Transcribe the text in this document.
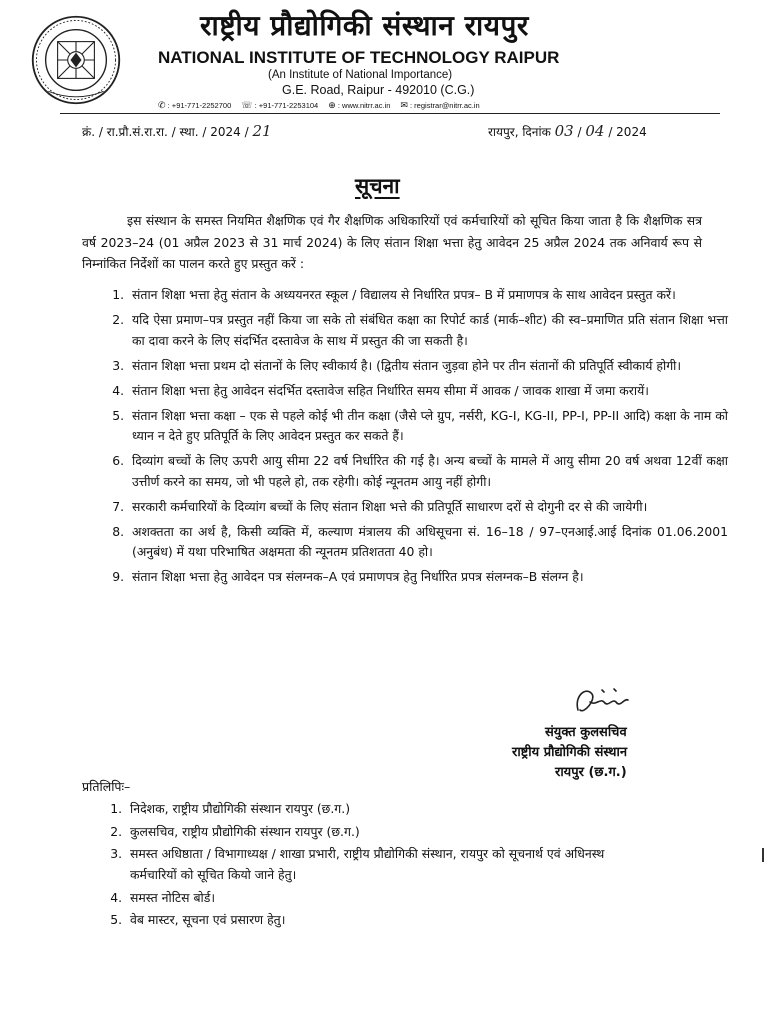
राष्ट्रीय प्रौद्योगिकी संस्थान रायपुर
NATIONAL INSTITUTE OF TECHNOLOGY RAIPUR
(An Institute of National Importance)
G.E. Road, Raipur - 492010 (C.G.)
✆ : +91-771-2252700 ☏ : +91-771-2253104 ⊕ : www.nitrr.ac.in ✉ : registrar@nitrr.ac.in
क्रं. / रा.प्रौ.सं.रा.रा. / स्था. / 2024 / 21	रायपुर, दिनांक 03 / 04 / 2024
सूचना
इस संस्थान के समस्त नियमित शैक्षणिक एवं गैर शैक्षणिक अधिकारियों एवं कर्मचारियों को सूचित किया जाता है कि शैक्षणिक सत्र वर्ष 2023–24 (01 अप्रैल 2023 से 31 मार्च 2024) के लिए संतान शिक्षा भत्ता हेतु आवेदन 25 अप्रैल 2024 तक अनिवार्य रूप से निम्नांकित निर्देशों का पालन करते हुए प्रस्तुत करें :
1. संतान शिक्षा भत्ता हेतु संतान के अध्ययनरत स्कूल / विद्यालय से निर्धारित प्रपत्र– B में प्रमाणपत्र के साथ आवेदन प्रस्तुत करें।
2. यदि ऐसा प्रमाण–पत्र प्रस्तुत नहीं किया जा सके तो संबंधित कक्षा का रिपोर्ट कार्ड (मार्क–शीट) की स्व–प्रमाणित प्रति संतान शिक्षा भत्ता का दावा करने के लिए संदर्भित दस्तावेज के साथ में प्रस्तुत की जा सकती है।
3. संतान शिक्षा भत्ता प्रथम दो संतानों के लिए स्वीकार्य है। (द्वितीय संतान जुड़वा होने पर तीन संतानों की प्रतिपूर्ति स्वीकार्य होगी।
4. संतान शिक्षा भत्ता हेतु आवेदन संदर्भित दस्तावेज सहित निर्धारित समय सीमा में आवक / जावक शाखा में जमा करायें।
5. संतान शिक्षा भत्ता कक्षा – एक से पहले कोई भी तीन कक्षा (जैसे प्ले ग्रुप, नर्सरी, KG-I, KG-II, PP-I, PP-II आदि) कक्षा के नाम को ध्यान न देते हुए प्रतिपूर्ति के लिए आवेदन प्रस्तुत कर सकते हैं।
6. दिव्यांग बच्चों के लिए ऊपरी आयु सीमा 22 वर्ष निर्धारित की गई है। अन्य बच्चों के मामले में आयु सीमा 20 वर्ष अथवा 12वीं कक्षा उत्तीर्ण करने का समय, जो भी पहले हो, तक रहेगी। कोई न्यूनतम आयु नहीं होगी।
7. सरकारी कर्मचारियों के दिव्यांग बच्चों के लिए संतान शिक्षा भत्ते की प्रतिपूर्ति साधारण दरों से दोगुनी दर से की जायेगी।
8. अशक्तता का अर्थ है, किसी व्यक्ति में, कल्याण मंत्रालय की अधिसूचना सं. 16–18 / 97–एनआई.आई दिनांक 01.06.2001 (अनुबंध) में यथा परिभाषित अक्षमता की न्यूनतम प्रतिशतता 40 हो।
9. संतान शिक्षा भत्ता हेतु आवेदन पत्र संलग्नक–A एवं प्रमाणपत्र हेतु निर्धारित प्रपत्र संलग्नक–B संलग्न है।
संयुक्त कुलसचिव
राष्ट्रीय प्रौद्योगिकी संस्थान
रायपुर (छ.ग.)
प्रतिलिपिः–
1. निदेशक, राष्ट्रीय प्रौद्योगिकी संस्थान रायपुर (छ.ग.)
2. कुलसचिव, राष्ट्रीय प्रौद्योगिकी संस्थान रायपुर (छ.ग.)
3. समस्त अधिष्ठाता / विभागाध्यक्ष / शाखा प्रभारी, राष्ट्रीय प्रौद्योगिकी संस्थान, रायपुर को सूचनार्थ एवं अधिनस्थ कर्मचारियों को सूचित कियो जाने हेतु।
4. समस्त नोटिस बोर्ड।
5. वेब मास्टर, सूचना एवं प्रसारण हेतु।
